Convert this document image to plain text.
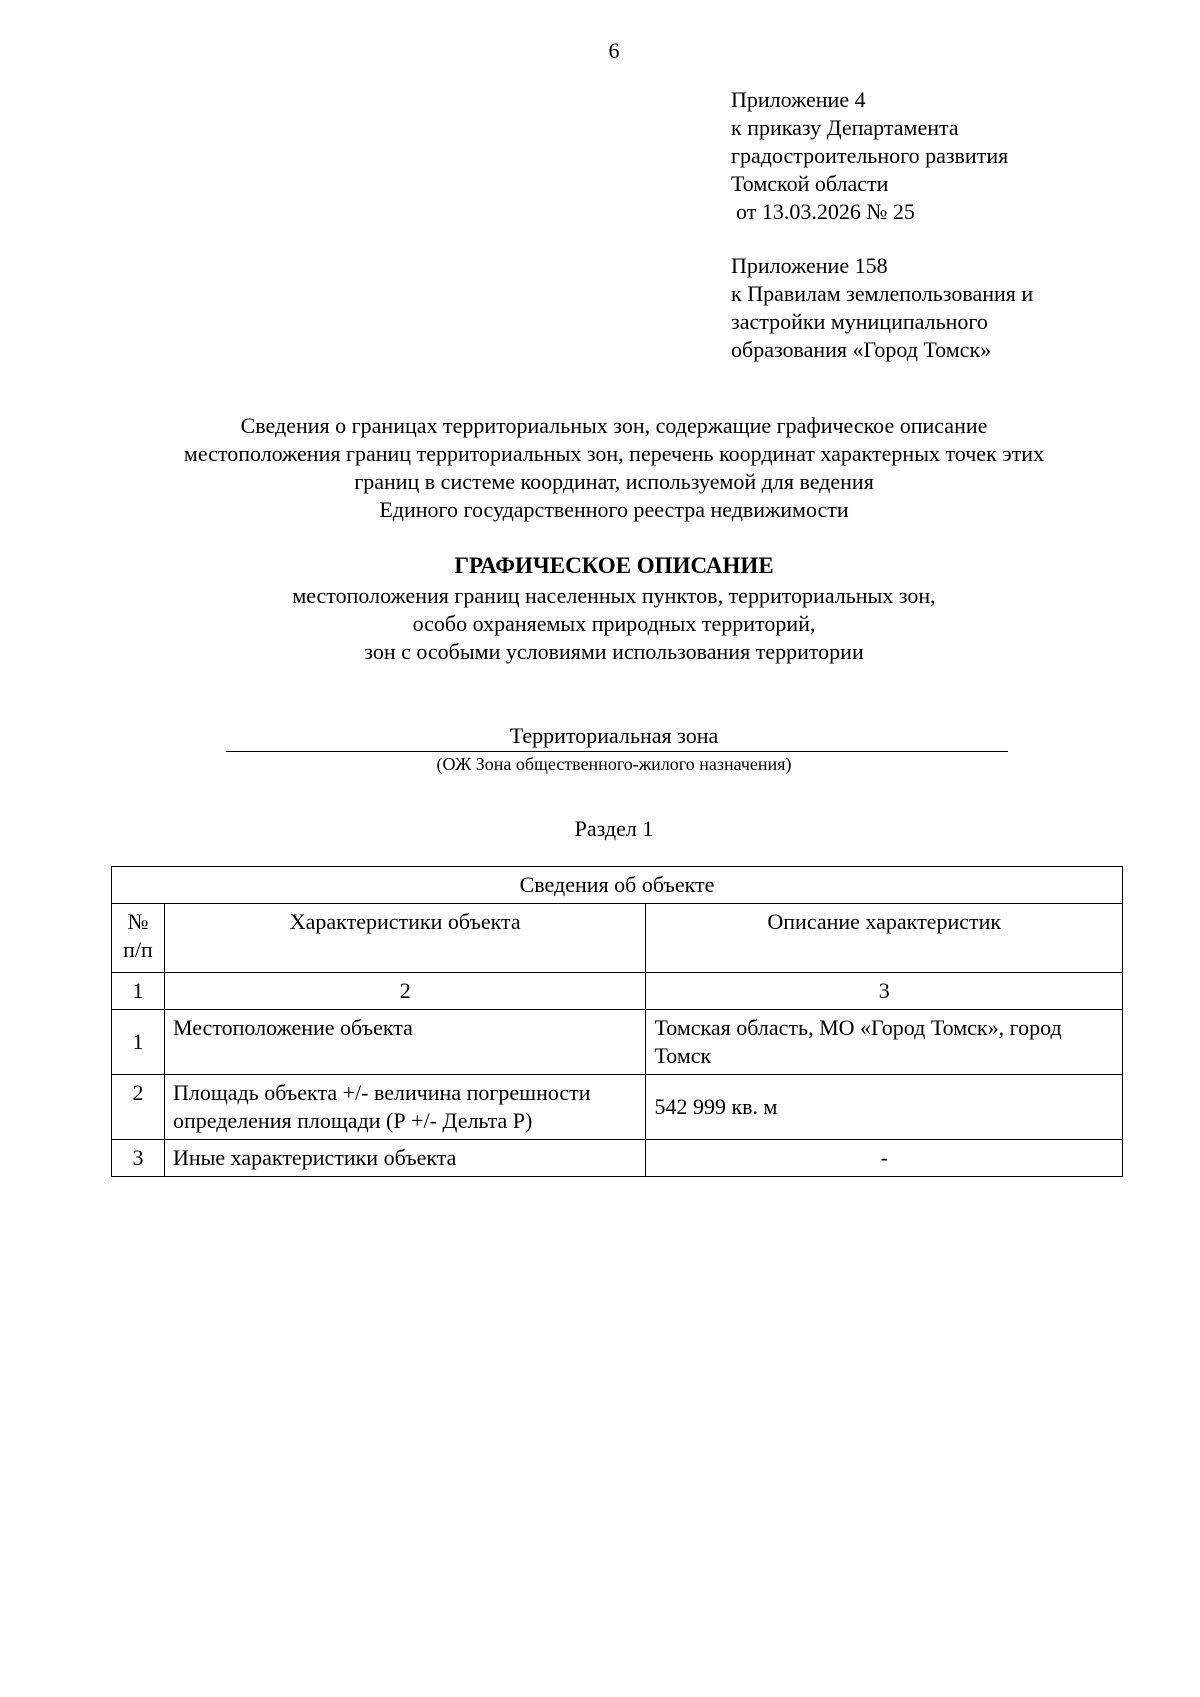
6
Приложение 4
к приказу Департамента
градостроительного развития
Томской области
от 13.03.2026 № 25
Приложение 158
к Правилам землепользования и
застройки муниципального
образования «Город Томск»
Сведения о границах территориальных зон, содержащие графическое описание
местоположения границ территориальных зон, перечень координат характерных точек этих
границ в системе координат, используемой для ведения
Единого государственного реестра недвижимости
ГРАФИЧЕСКОЕ ОПИСАНИЕ
местоположения границ населенных пунктов, территориальных зон,
особо охраняемых природных территорий,
зон с особыми условиями использования территории
Территориальная зона
(ОЖ Зона общественного-жилого назначения)
Раздел 1
Сведения об объекте		
№ п/п	Характеристики объекта	Описание характеристик
1	2	3
1	Местоположение объекта	Томская область, МО «Город Томск», город Томск
2	Площадь объекта +/- величина погрешности определения площади (Р +/- Дельта Р)	542 999 кв. м
3	Иные характеристики объекта	-
